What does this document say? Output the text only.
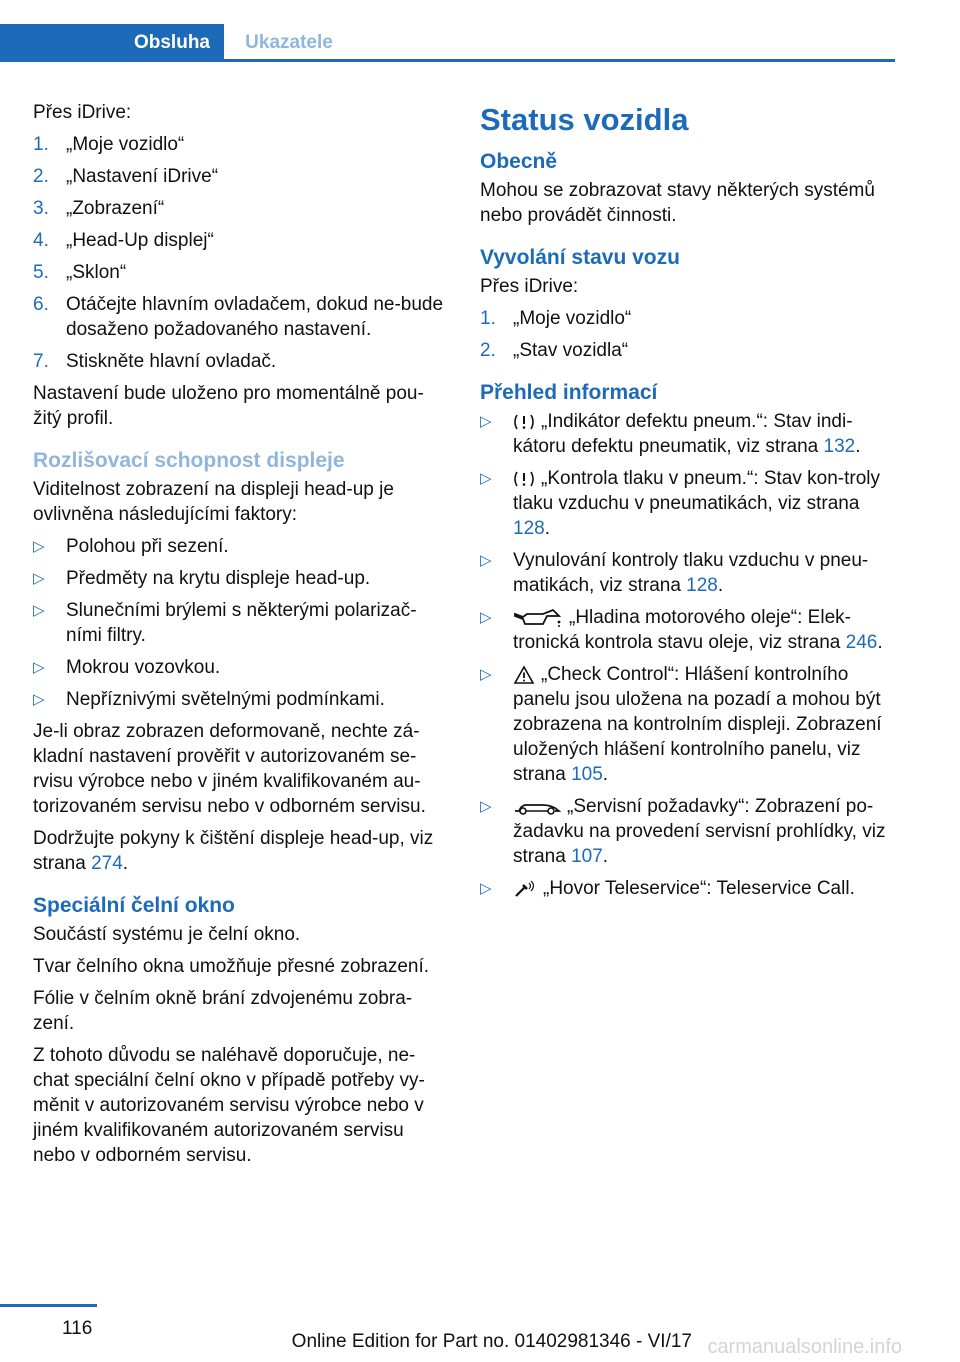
Obsluha	Ukazatele

Přes iDrive:

1. „Moje vozidlo“
2. „Nastavení iDrive“
3. „Zobrazení“
4. „Head-Up displej“
5. „Sklon“
6. Otáčejte hlavním ovladačem, dokud ne‐bude dosaženo požadovaného nastavení.
7. Stiskněte hlavní ovladač.

Nastavení bude uloženo pro momentálně pou‐žitý profil.

Rozlišovací schopnost displeje

Viditelnost zobrazení na displeji head-up je ovlivněna následujícími faktory:

▷ Polohou při sezení.
▷ Předměty na krytu displeje head-up.
▷ Slunečními brýlemi s některými polarizač‐ními filtry.
▷ Mokrou vozovkou.
▷ Nepříznivými světelnými podmínkami.

Je-li obraz zobrazen deformovaně, nechte zá‐kladní nastavení prověřit v autorizovaném se‐rvisu výrobce nebo v jiném kvalifikovaném au‐torizovaném servisu nebo v odborném servisu.

Dodržujte pokyny k čištění displeje head-up, viz strana 274.

Speciální čelní okno

Součástí systému je čelní okno.

Tvar čelního okna umožňuje přesné zobrazení.

Fólie v čelním okně brání zdvojenému zobra‐zení.

Z tohoto důvodu se naléhavě doporučuje, ne‐chat speciální čelní okno v případě potřeby vy‐měnit v autorizovaném servisu výrobce nebo v jiném kvalifikovaném autorizovaném servisu nebo v odborném servisu.

Status vozidla
Obecně

Mohou se zobrazovat stavy některých systémů nebo provádět činnosti.

Vyvolání stavu vozu

Přes iDrive:

1. „Moje vozidlo“
2. „Stav vozidla“
Přehled informací
▷	„Indikátor defektu pneum.“: Stav indi‐kátoru defektu pneumatik, viz strana 132.
▷	„Kontrola tlaku v pneum.“: Stav kon‐troly tlaku vzduchu v pneumatikách, viz strana 128.
▷ Vynulování kontroly tlaku vzduchu v pneu‐matikách, viz strana 128.
▷	„Hladina motorového oleje“: Elek‐tronická kontrola stavu oleje, viz strana 246.
▷	„Check Control“: Hlášení kontrolního panelu jsou uložena na pozadí a mohou být zobrazena na kontrolním displeji. Zobrazení uložených hlášení kontrolního panelu, viz strana 105.
▷	„Servisní požadavky“: Zobrazení po‐žadavku na provedení servisní prohlídky, viz strana 107.
▷	„Hovor Teleservice“: Teleservice Call.
116
Online Edition for Part no. 01402981346 - VI/17 carmanualsonline.info
